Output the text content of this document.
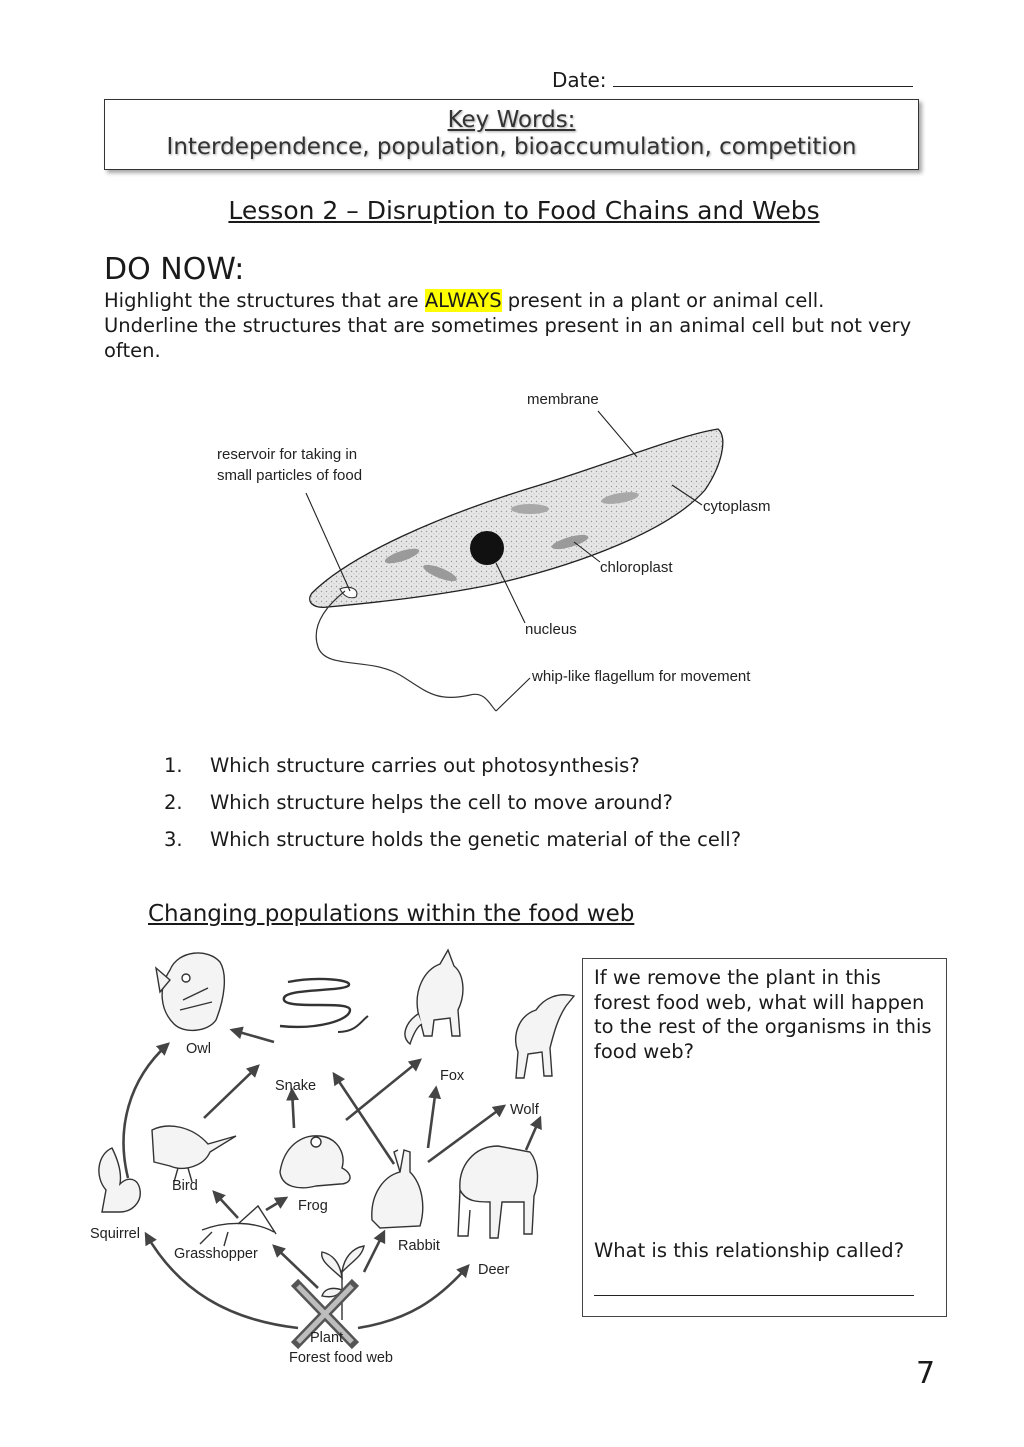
Date:
Key Words:
Interdependence, population, bioaccumulation, competition
Lesson 2 – Disruption to Food Chains and Webs
DO NOW:
Highlight the structures that are ALWAYS present in a plant or animal cell.
Underline the structures that are sometimes present in an animal cell but not very often.
membrane
reservoir for taking in
small particles of food
cytoplasm
chloroplast
nucleus
whip-like flagellum for movement
1. Which structure carries out photosynthesis?
2. Which structure helps the cell to move around?
3. Which structure holds the genetic material of the cell?
Changing populations within the food web
Owl
Snake
Fox
Wolf
Bird
Frog
Squirrel
Grasshopper	Rabbit
Deer
Plant
Forest food web
If we remove the plant in this forest food web, what will happen to the rest of the organisms in this food web?
What is this relationship called?
7
